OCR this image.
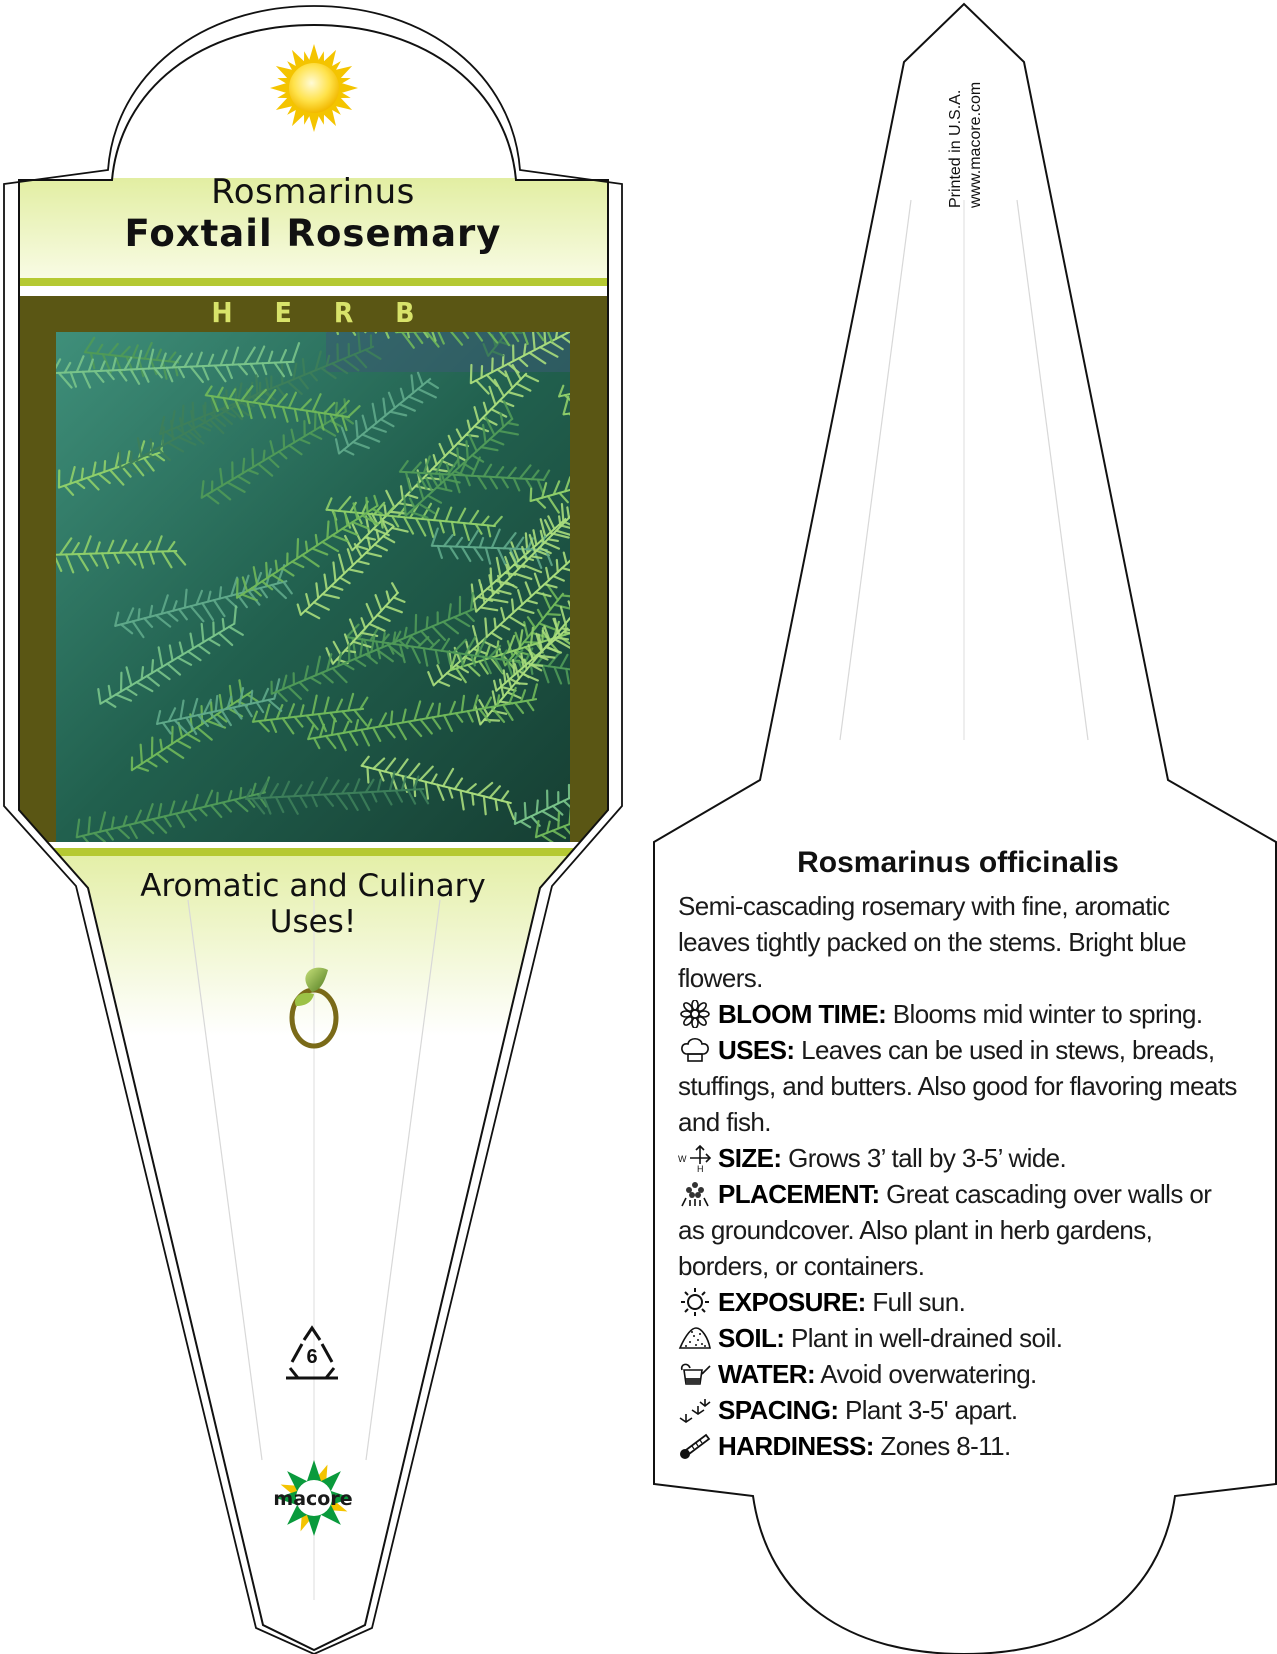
Rosmarinus
Foxtail Rosemary
HERB
Aromatic and Culinary Uses!
6
macore
Printed in U.S.A. www.macore.com
Rosmarinus officinalis
Semi-cascading rosemary with fine, aromatic leaves tightly packed on the stems. Bright blue flowers.
BLOOM TIME: Blooms mid winter to spring.
USES: Leaves can be used in stews, breads, stuffings, and butters. Also good for flavoring meats and fish.
W
H SIZE: Grows 3’ tall by 3-5’ wide.
PLACEMENT: Great cascading over walls or as groundcover. Also plant in herb gardens, borders, or containers.
EXPOSURE: Full sun.
SOIL: Plant in well-drained soil.
WATER: Avoid overwatering.
SPACING: Plant 3-5' apart.
HARDINESS: Zones 8-11.
